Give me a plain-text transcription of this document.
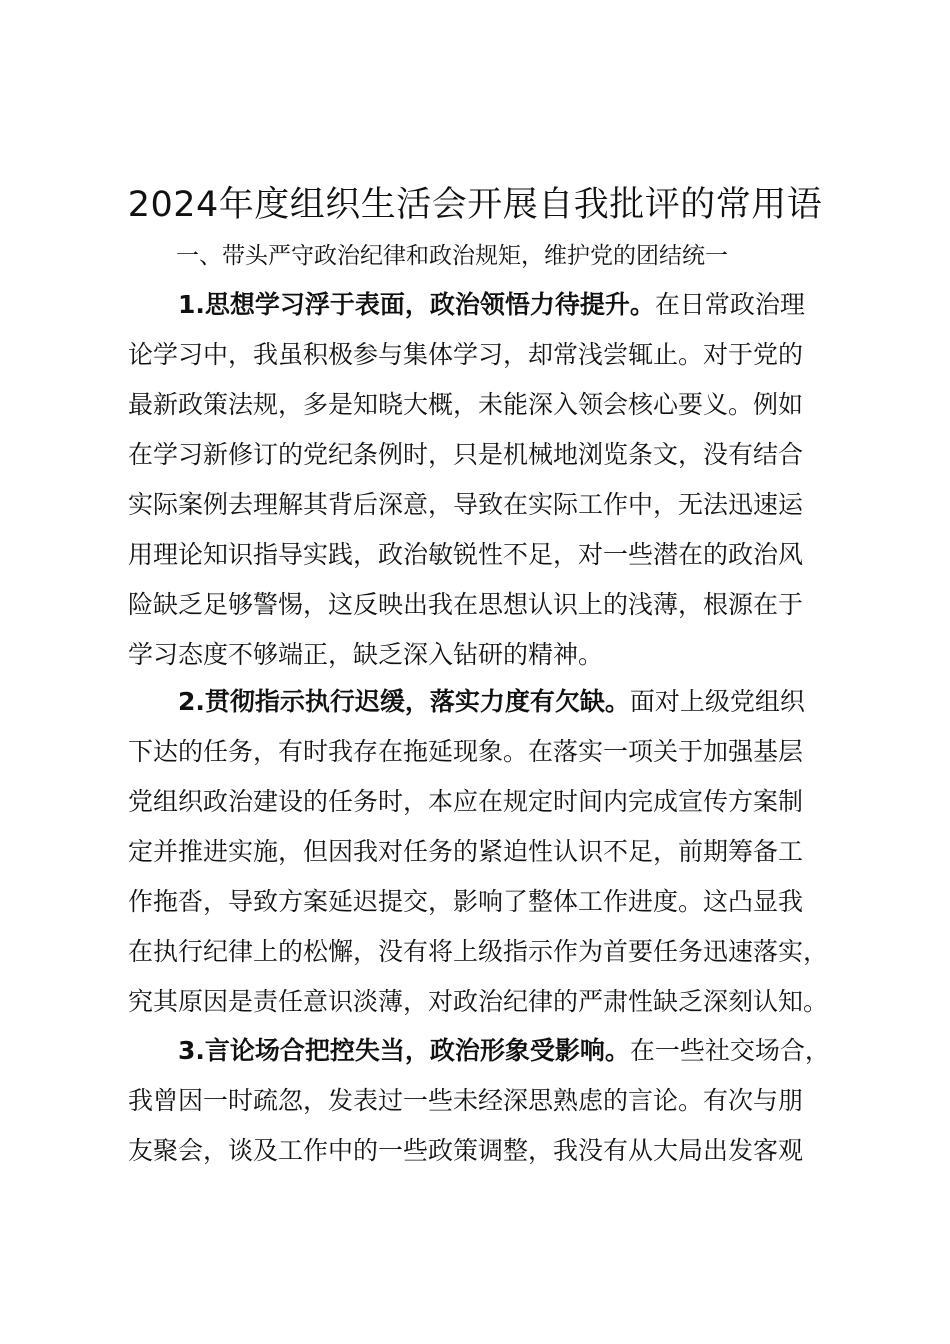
2024年度组织生活会开展自我批评的常用语
一、带头严守政治纪律和政治规矩，维护党的团结统一
1.思想学习浮于表面，政治领悟力待提升。在日常政治理
论学习中，我虽积极参与集体学习，却常浅尝辄止。对于党的
最新政策法规，多是知晓大概，未能深入领会核心要义。例如
在学习新修订的党纪条例时，只是机械地浏览条文，没有结合
实际案例去理解其背后深意，导致在实际工作中，无法迅速运
用理论知识指导实践，政治敏锐性不足，对一些潜在的政治风
险缺乏足够警惕，这反映出我在思想认识上的浅薄，根源在于
学习态度不够端正，缺乏深入钻研的精神。
2.贯彻指示执行迟缓，落实力度有欠缺。面对上级党组织
下达的任务，有时我存在拖延现象。在落实一项关于加强基层
党组织政治建设的任务时，本应在规定时间内完成宣传方案制
定并推进实施，但因我对任务的紧迫性认识不足，前期筹备工
作拖沓，导致方案延迟提交，影响了整体工作进度。这凸显我
在执行纪律上的松懈，没有将上级指示作为首要任务迅速落实，
究其原因是责任意识淡薄，对政治纪律的严肃性缺乏深刻认知。
3.言论场合把控失当，政治形象受影响。在一些社交场合，
我曾因一时疏忽，发表过一些未经深思熟虑的言论。有次与朋
友聚会，谈及工作中的一些政策调整，我没有从大局出发客观
